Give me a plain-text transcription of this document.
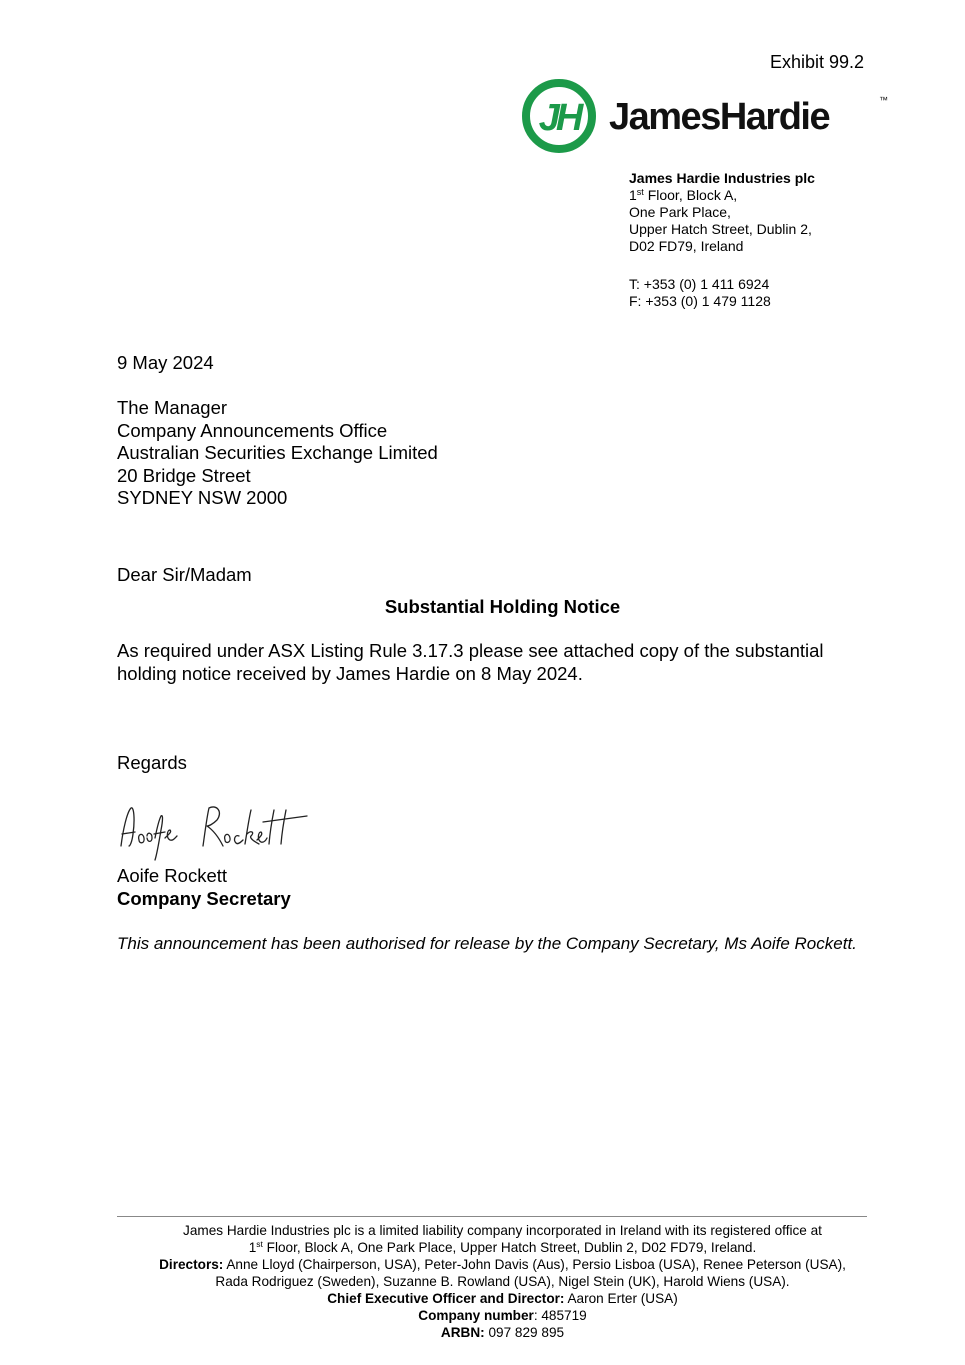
Exhibit 99.2
JH JamesHardie	™
James Hardie Industries plc
1st Floor, Block A,
One Park Place,
Upper Hatch Street, Dublin 2,
D02 FD79, Ireland
T: +353 (0) 1 411 6924
F: +353 (0) 1 479 1128
9 May 2024
The Manager
Company Announcements Office
Australian Securities Exchange Limited
20 Bridge Street
SYDNEY NSW 2000
Dear Sir/Madam
Substantial Holding Notice
As required under ASX Listing Rule 3.17.3 please see attached copy of the substantial holding notice received by James Hardie on 8 May 2024.
Regards
Aoife Rockett
Company Secretary
This announcement has been authorised for release by the Company Secretary, Ms Aoife Rockett.
James Hardie Industries plc is a limited liability company incorporated in Ireland with its registered office at
1st Floor, Block A, One Park Place, Upper Hatch Street, Dublin 2, D02 FD79, Ireland.
Directors: Anne Lloyd (Chairperson, USA), Peter-John Davis (Aus), Persio Lisboa (USA), Renee Peterson (USA),
Rada Rodriguez (Sweden), Suzanne B. Rowland (USA), Nigel Stein (UK), Harold Wiens (USA).
Chief Executive Officer and Director: Aaron Erter (USA)
Company number: 485719
ARBN: 097 829 895
